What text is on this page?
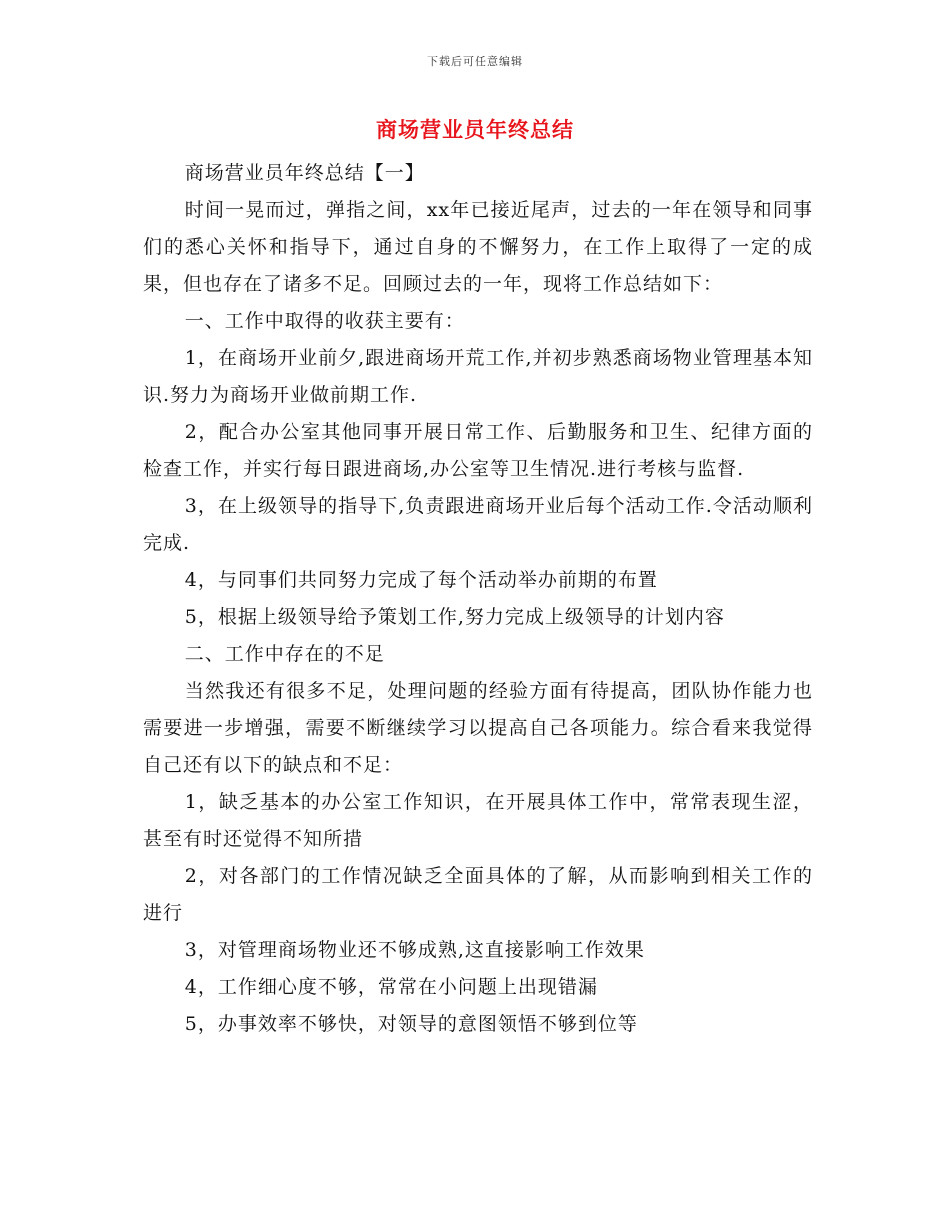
下载后可任意编辑
商场营业员年终总结

商场营业员年终总结【一】

时间一晃而过，弹指之间，xx年已接近尾声，过去的一年在领导和同事们的悉心关怀和指导下，通过自身的不懈努力，在工作上取得了一定的成果，但也存在了诸多不足。回顾过去的一年，现将工作总结如下：

一、工作中取得的收获主要有：

1，在商场开业前夕,跟进商场开荒工作,并初步熟悉商场物业管理基本知识.努力为商场开业做前期工作.

2，配合办公室其他同事开展日常工作、后勤服务和卫生、纪律方面的检查工作，并实行每日跟进商场,办公室等卫生情况.进行考核与监督.

3，在上级领导的指导下,负责跟进商场开业后每个活动工作.令活动顺利完成.

4，与同事们共同努力完成了每个活动举办前期的布置

5，根据上级领导给予策划工作,努力完成上级领导的计划内容

二、工作中存在的不足

当然我还有很多不足，处理问题的经验方面有待提高，团队协作能力也需要进一步增强，需要不断继续学习以提高自己各项能力。综合看来我觉得自己还有以下的缺点和不足：

1，缺乏基本的办公室工作知识，在开展具体工作中，常常表现生涩，甚至有时还觉得不知所措

2，对各部门的工作情况缺乏全面具体的了解，从而影响到相关工作的进行

3，对管理商场物业还不够成熟,这直接影响工作效果

4，工作细心度不够，常常在小问题上出现错漏

5，办事效率不够快，对领导的意图领悟不够到位等
